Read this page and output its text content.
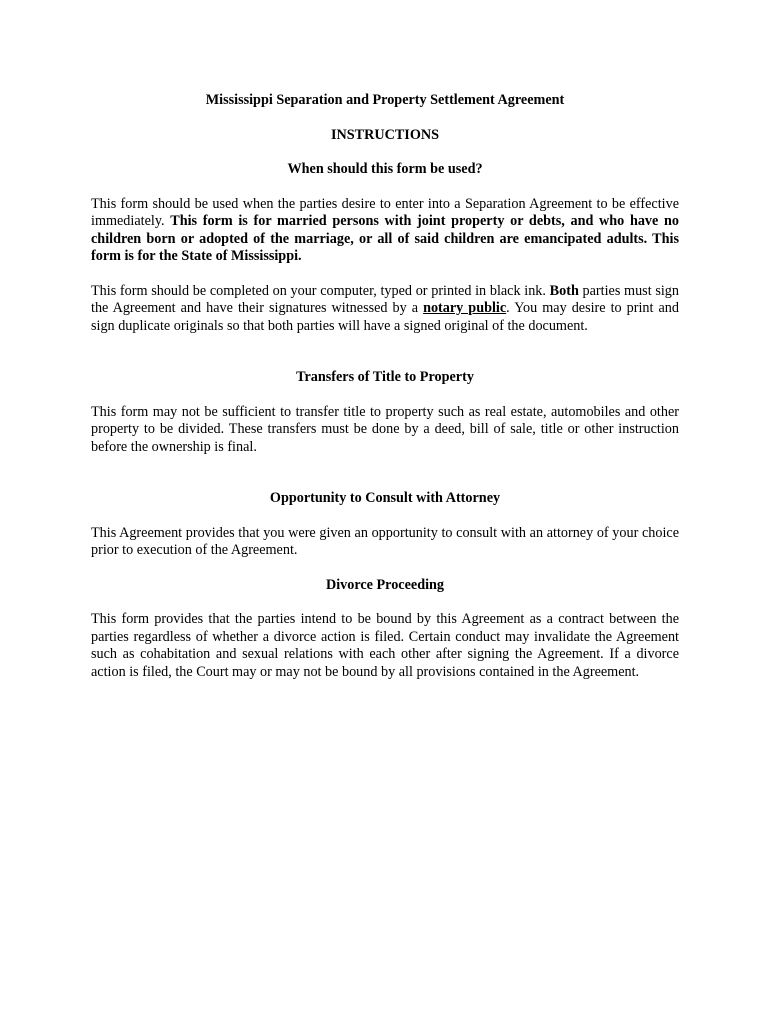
Mississippi Separation and Property Settlement Agreement

INSTRUCTIONS

When should this form be used?

This form should be used when the parties desire to enter into a Separation Agreement to be effective immediately. This form is for married persons with joint property or debts, and who have no children born or adopted of the marriage, or all of said children are emancipated adults. This form is for the State of Mississippi.

This form should be completed on your computer, typed or printed in black ink. Both parties must sign the Agreement and have their signatures witnessed by a notary public. You may desire to print and sign duplicate originals so that both parties will have a signed original of the document.

Transfers of Title to Property

This form may not be sufficient to transfer title to property such as real estate, automobiles and other property to be divided. These transfers must be done by a deed, bill of sale, title or other instruction before the ownership is final.

Opportunity to Consult with Attorney

This Agreement provides that you were given an opportunity to consult with an attorney of your choice prior to execution of the Agreement.

Divorce Proceeding

This form provides that the parties intend to be bound by this Agreement as a contract between the parties regardless of whether a divorce action is filed. Certain conduct may invalidate the Agreement such as cohabitation and sexual relations with each other after signing the Agreement. If a divorce action is filed, the Court may or may not be bound by all provisions contained in the Agreement.
